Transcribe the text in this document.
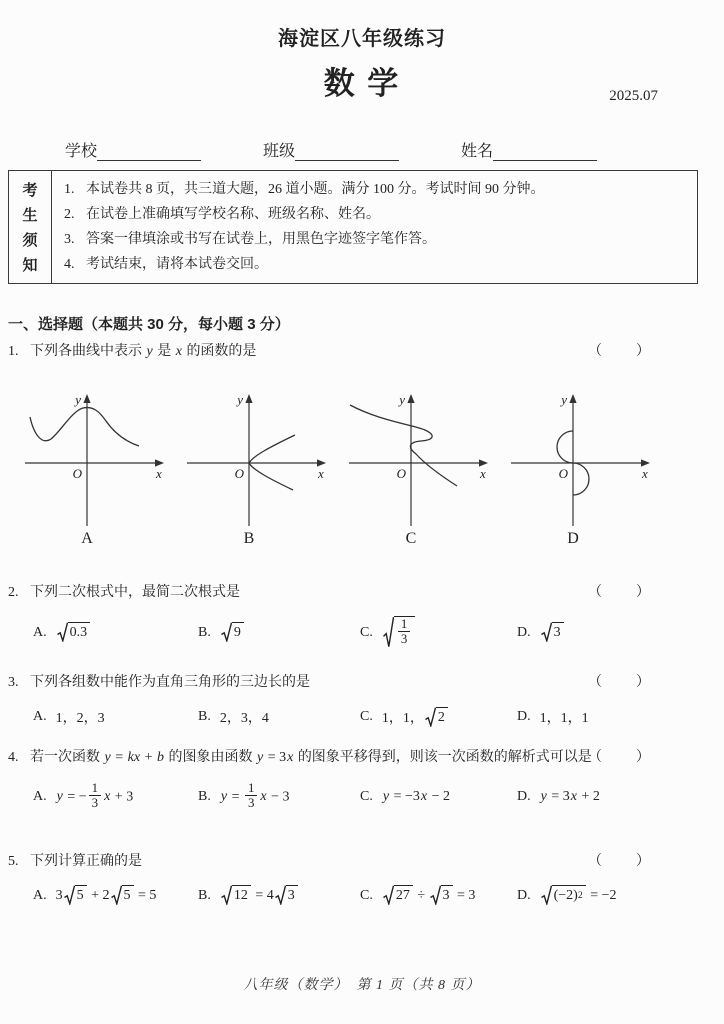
海淀区八年级练习
数 学	2025.07
学校	班级	姓名
考
生
须
知
1. 本试卷共 8 页，共三道大题，26 道小题。满分 100 分。考试时间 90 分钟。
2. 在试卷上准确填写学校名称、班级名称、姓名。
3. 答案一律填涂或书写在试卷上，用黑色字迹签字笔作答。
4. 考试结束，请将本试卷交回。
一、选择题（本题共 30 分，每小题 3 分）
1. 下列各曲线中表示 y 是 x 的函数的是	（　　）
y
x
O
A
y
x
O
B
y
x
O
C
y
x
O
D
2. 下列二次根式中，最简二次根式是	（　　）
A. 0.3	B. 9	C. $\frac{1}{3}$	D. 3
3. 下列各组数中能作为直角三角形的三边长的是	（　　）
A. 1，2，3	B. 2，3，4	C. 1，1， 2	D. 1，1，1
4. 若一次函数 y = kx + b 的图象由函数 y = 3x 的图象平移得到，则该一次函数的解析式可以是
（　　）
A. y = − $\frac{1}{3}$ x + 3	B. $y = \frac{1}{3}$ x − 3	C. y = −3x − 2	D. y = 3x + 2
5. 下列计算正确的是	（　　）
A. 3 5 + 2 5 = 5	B. 12 = 4 3	C. 27 ÷ 3 = 3	D. (−2) 2 = −2
八年级（数学）　第 1 页（共 8 页）
